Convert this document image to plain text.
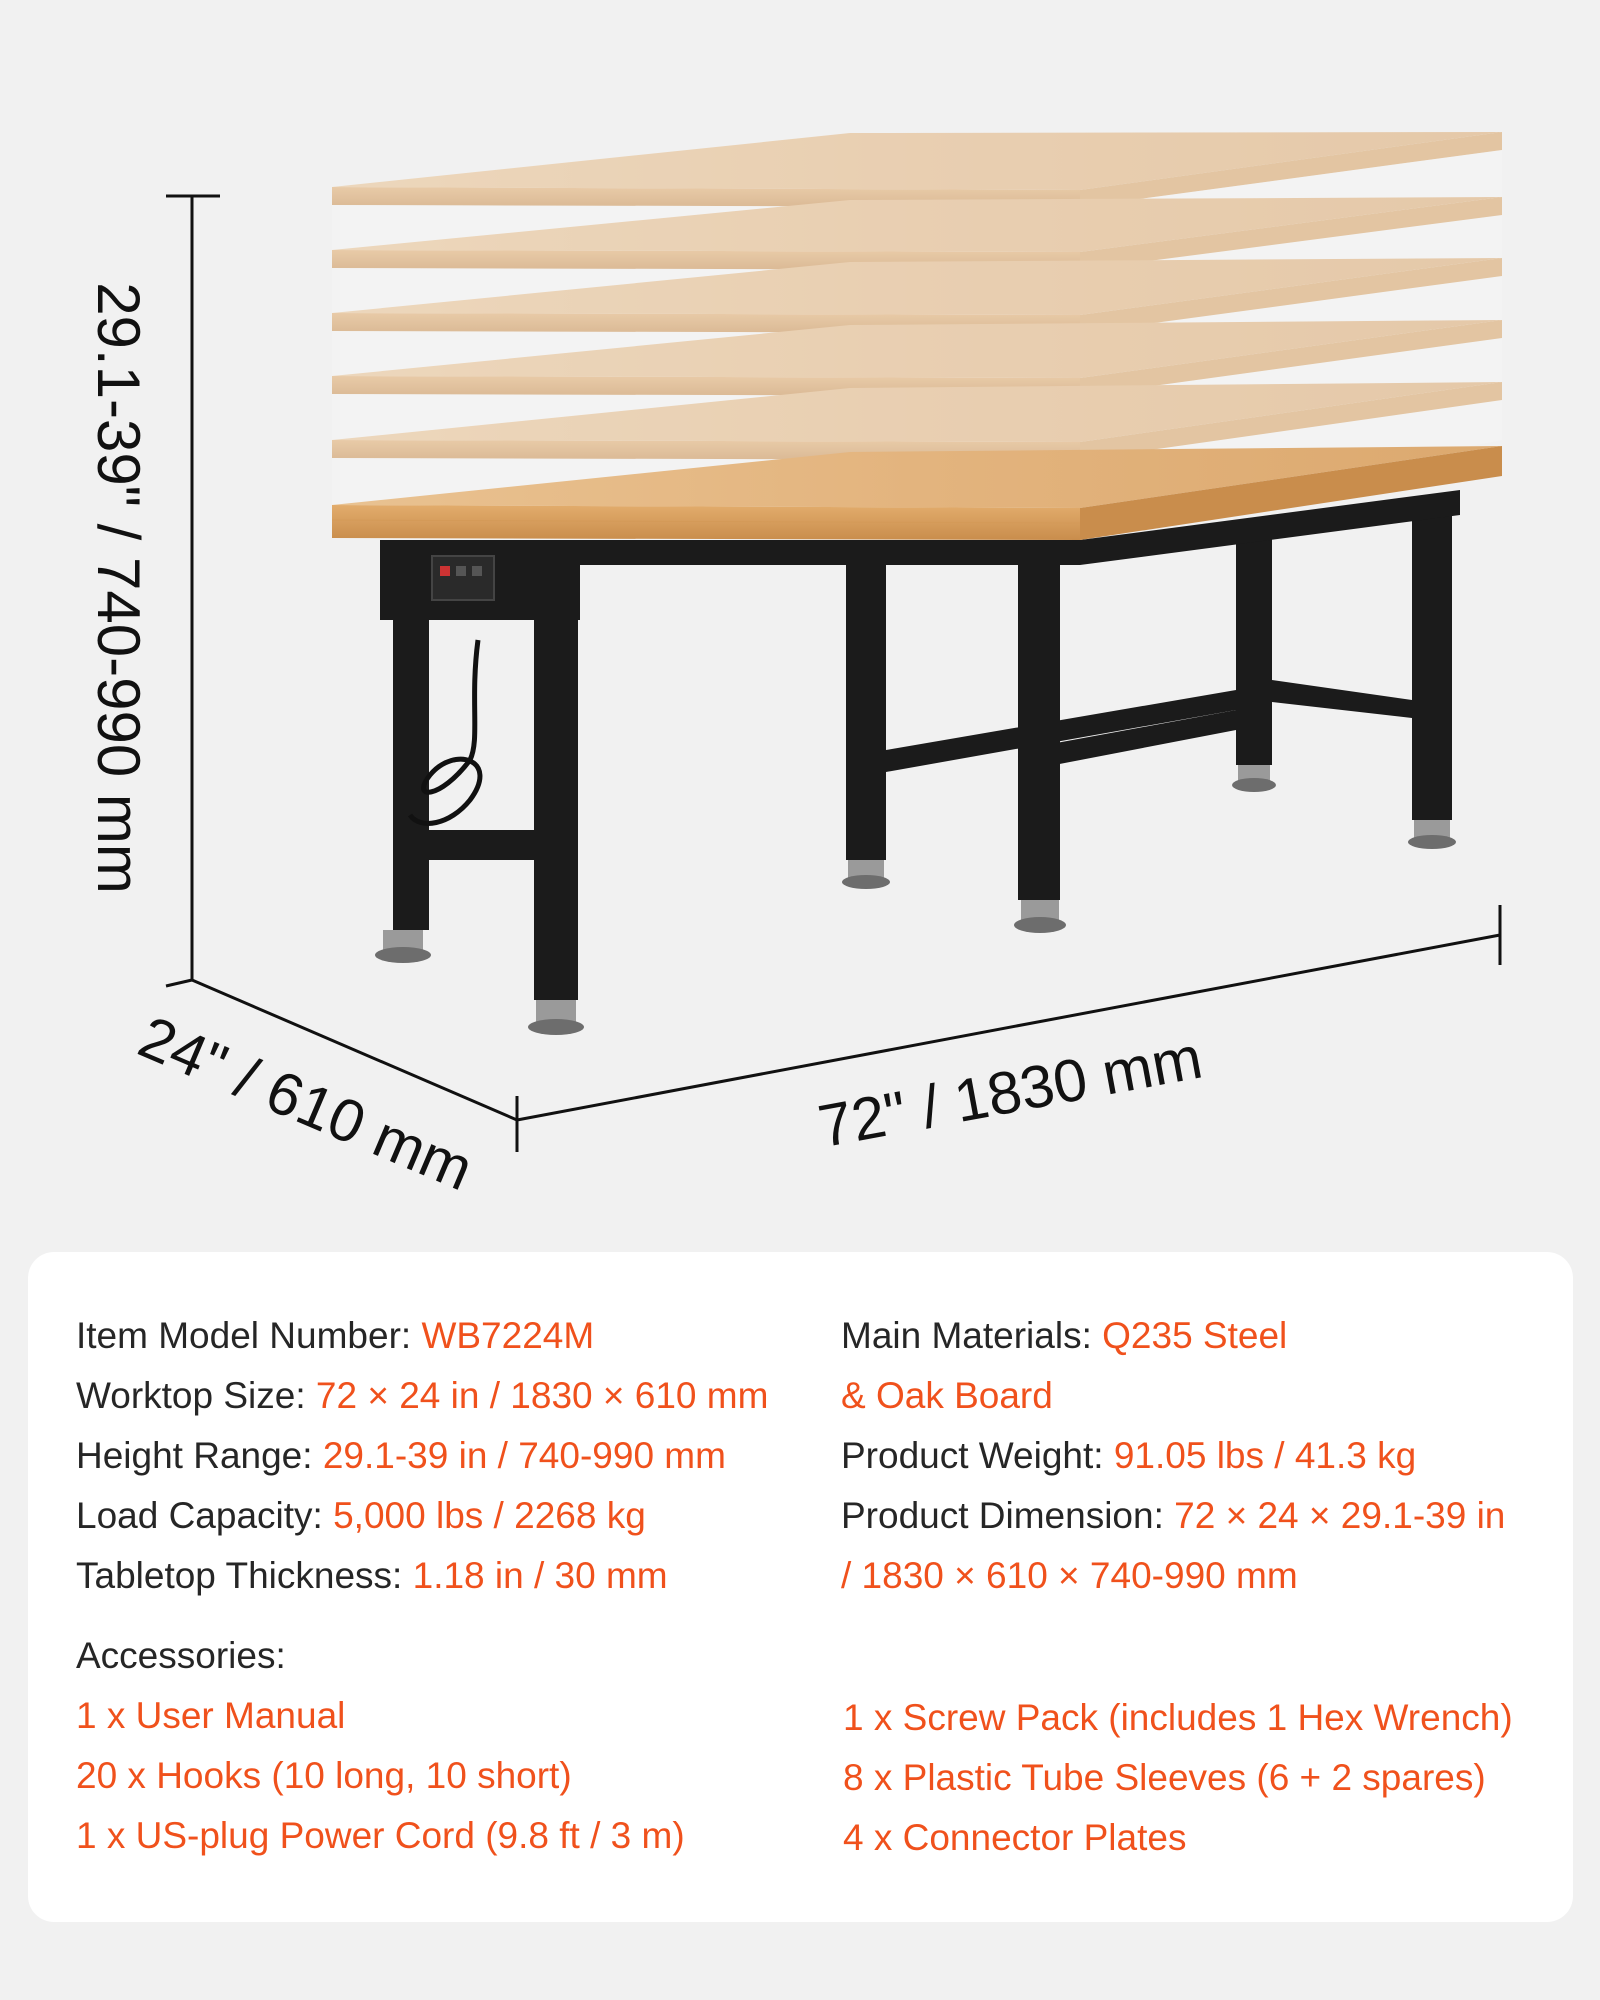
29.1-39" / 740-990 mm
24" / 610 mm	72" / 1830 mm
Item Model Number: WB7224M
Worktop Size: 72 × 24 in / 1830 × 610 mm
Height Range: 29.1-39 in / 740-990 mm
Load Capacity: 5,000 lbs / 2268 kg
Tabletop Thickness: 1.18 in / 30 mm
Main Materials: Q235 Steel
& Oak Board
Product Weight: 91.05 lbs / 41.3 kg
Product Dimension: 72 × 24 × 29.1-39 in
/ 1830 × 610 × 740-990 mm
Accessories:
1 x User Manual
20 x Hooks (10 long, 10 short)
1 x US-plug Power Cord (9.8 ft / 3 m)
1 x Screw Pack (includes 1 Hex Wrench)
8 x Plastic Tube Sleeves (6 + 2 spares)
4 x Connector Plates
